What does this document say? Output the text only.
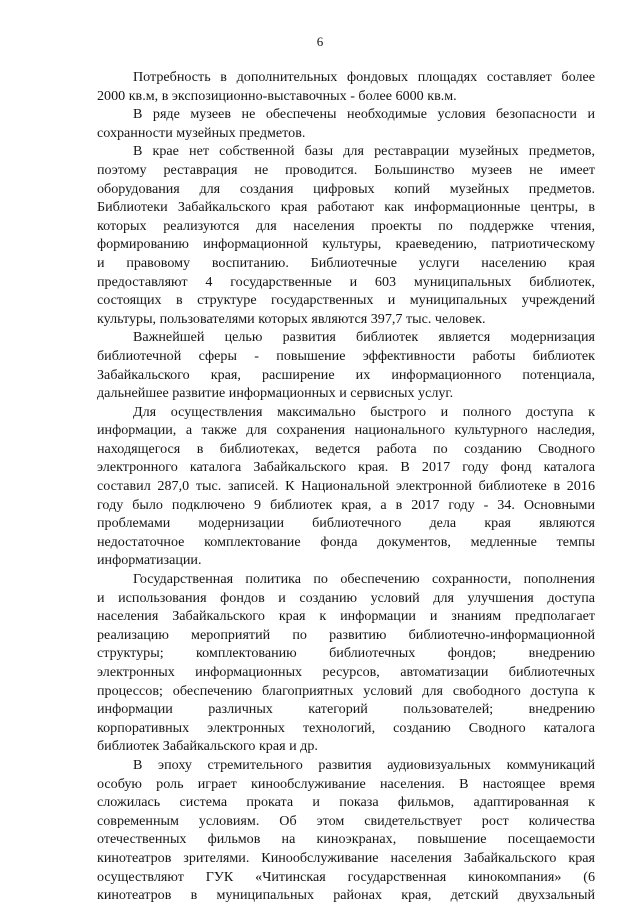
6
Потребность в дополнительных фондовых площадях составляет более
2000 кв.м, в экспозиционно-выставочных - более 6000 кв.м.
В ряде музеев не обеспечены необходимые условия безопасности и
сохранности музейных предметов.
В крае нет собственной базы для реставрации музейных предметов,
поэтому реставрация не проводится. Большинство музеев не имеет
оборудования для создания цифровых копий музейных предметов.
Библиотеки Забайкальского края работают как информационные центры, в
которых реализуются для населения проекты по поддержке чтения,
формированию информационной культуры, краеведению, патриотическому
и правовому воспитанию. Библиотечные услуги населению края
предоставляют 4 государственные и 603 муниципальных библиотек,
состоящих в структуре государственных и муниципальных учреждений
культуры, пользователями которых являются 397,7 тыс. человек.
Важнейшей целью развития библиотек является модернизация
библиотечной сферы - повышение эффективности работы библиотек
Забайкальского края, расширение их информационного потенциала,
дальнейшее развитие информационных и сервисных услуг.
Для осуществления максимально быстрого и полного доступа к
информации, а также для сохранения национального культурного наследия,
находящегося в библиотеках, ведется работа по созданию Сводного
электронного каталога Забайкальского края. В 2017 году фонд каталога
составил 287,0 тыс. записей. К Национальной электронной библиотеке в 2016
году было подключено 9 библиотек края, а в 2017 году - 34. Основными
проблемами модернизации библиотечного дела края являются
недостаточное комплектование фонда документов, медленные темпы
информатизации.
Государственная политика по обеспечению сохранности, пополнения
и использования фондов и созданию условий для улучшения доступа
населения Забайкальского края к информации и знаниям предполагает
реализацию мероприятий по развитию библиотечно-информационной
структуры; комплектованию библиотечных фондов; внедрению
электронных информационных ресурсов, автоматизации библиотечных
процессов; обеспечению благоприятных условий для свободного доступа к
информации различных категорий пользователей; внедрению
корпоративных электронных технологий, созданию Сводного каталога
библиотек Забайкальского края и др.
В эпоху стремительного развития аудиовизуальных коммуникаций
особую роль играет кинообслуживание населения. В настоящее время
сложилась система проката и показа фильмов, адаптированная к
современным условиям. Об этом свидетельствует рост количества
отечественных фильмов на киноэкранах, повышение посещаемости
кинотеатров зрителями. Кинообслуживание населения Забайкальского края
осуществляют ГУК «Читинская государственная кинокомпания» (6
кинотеатров в муниципальных районах края, детский двухзальный
